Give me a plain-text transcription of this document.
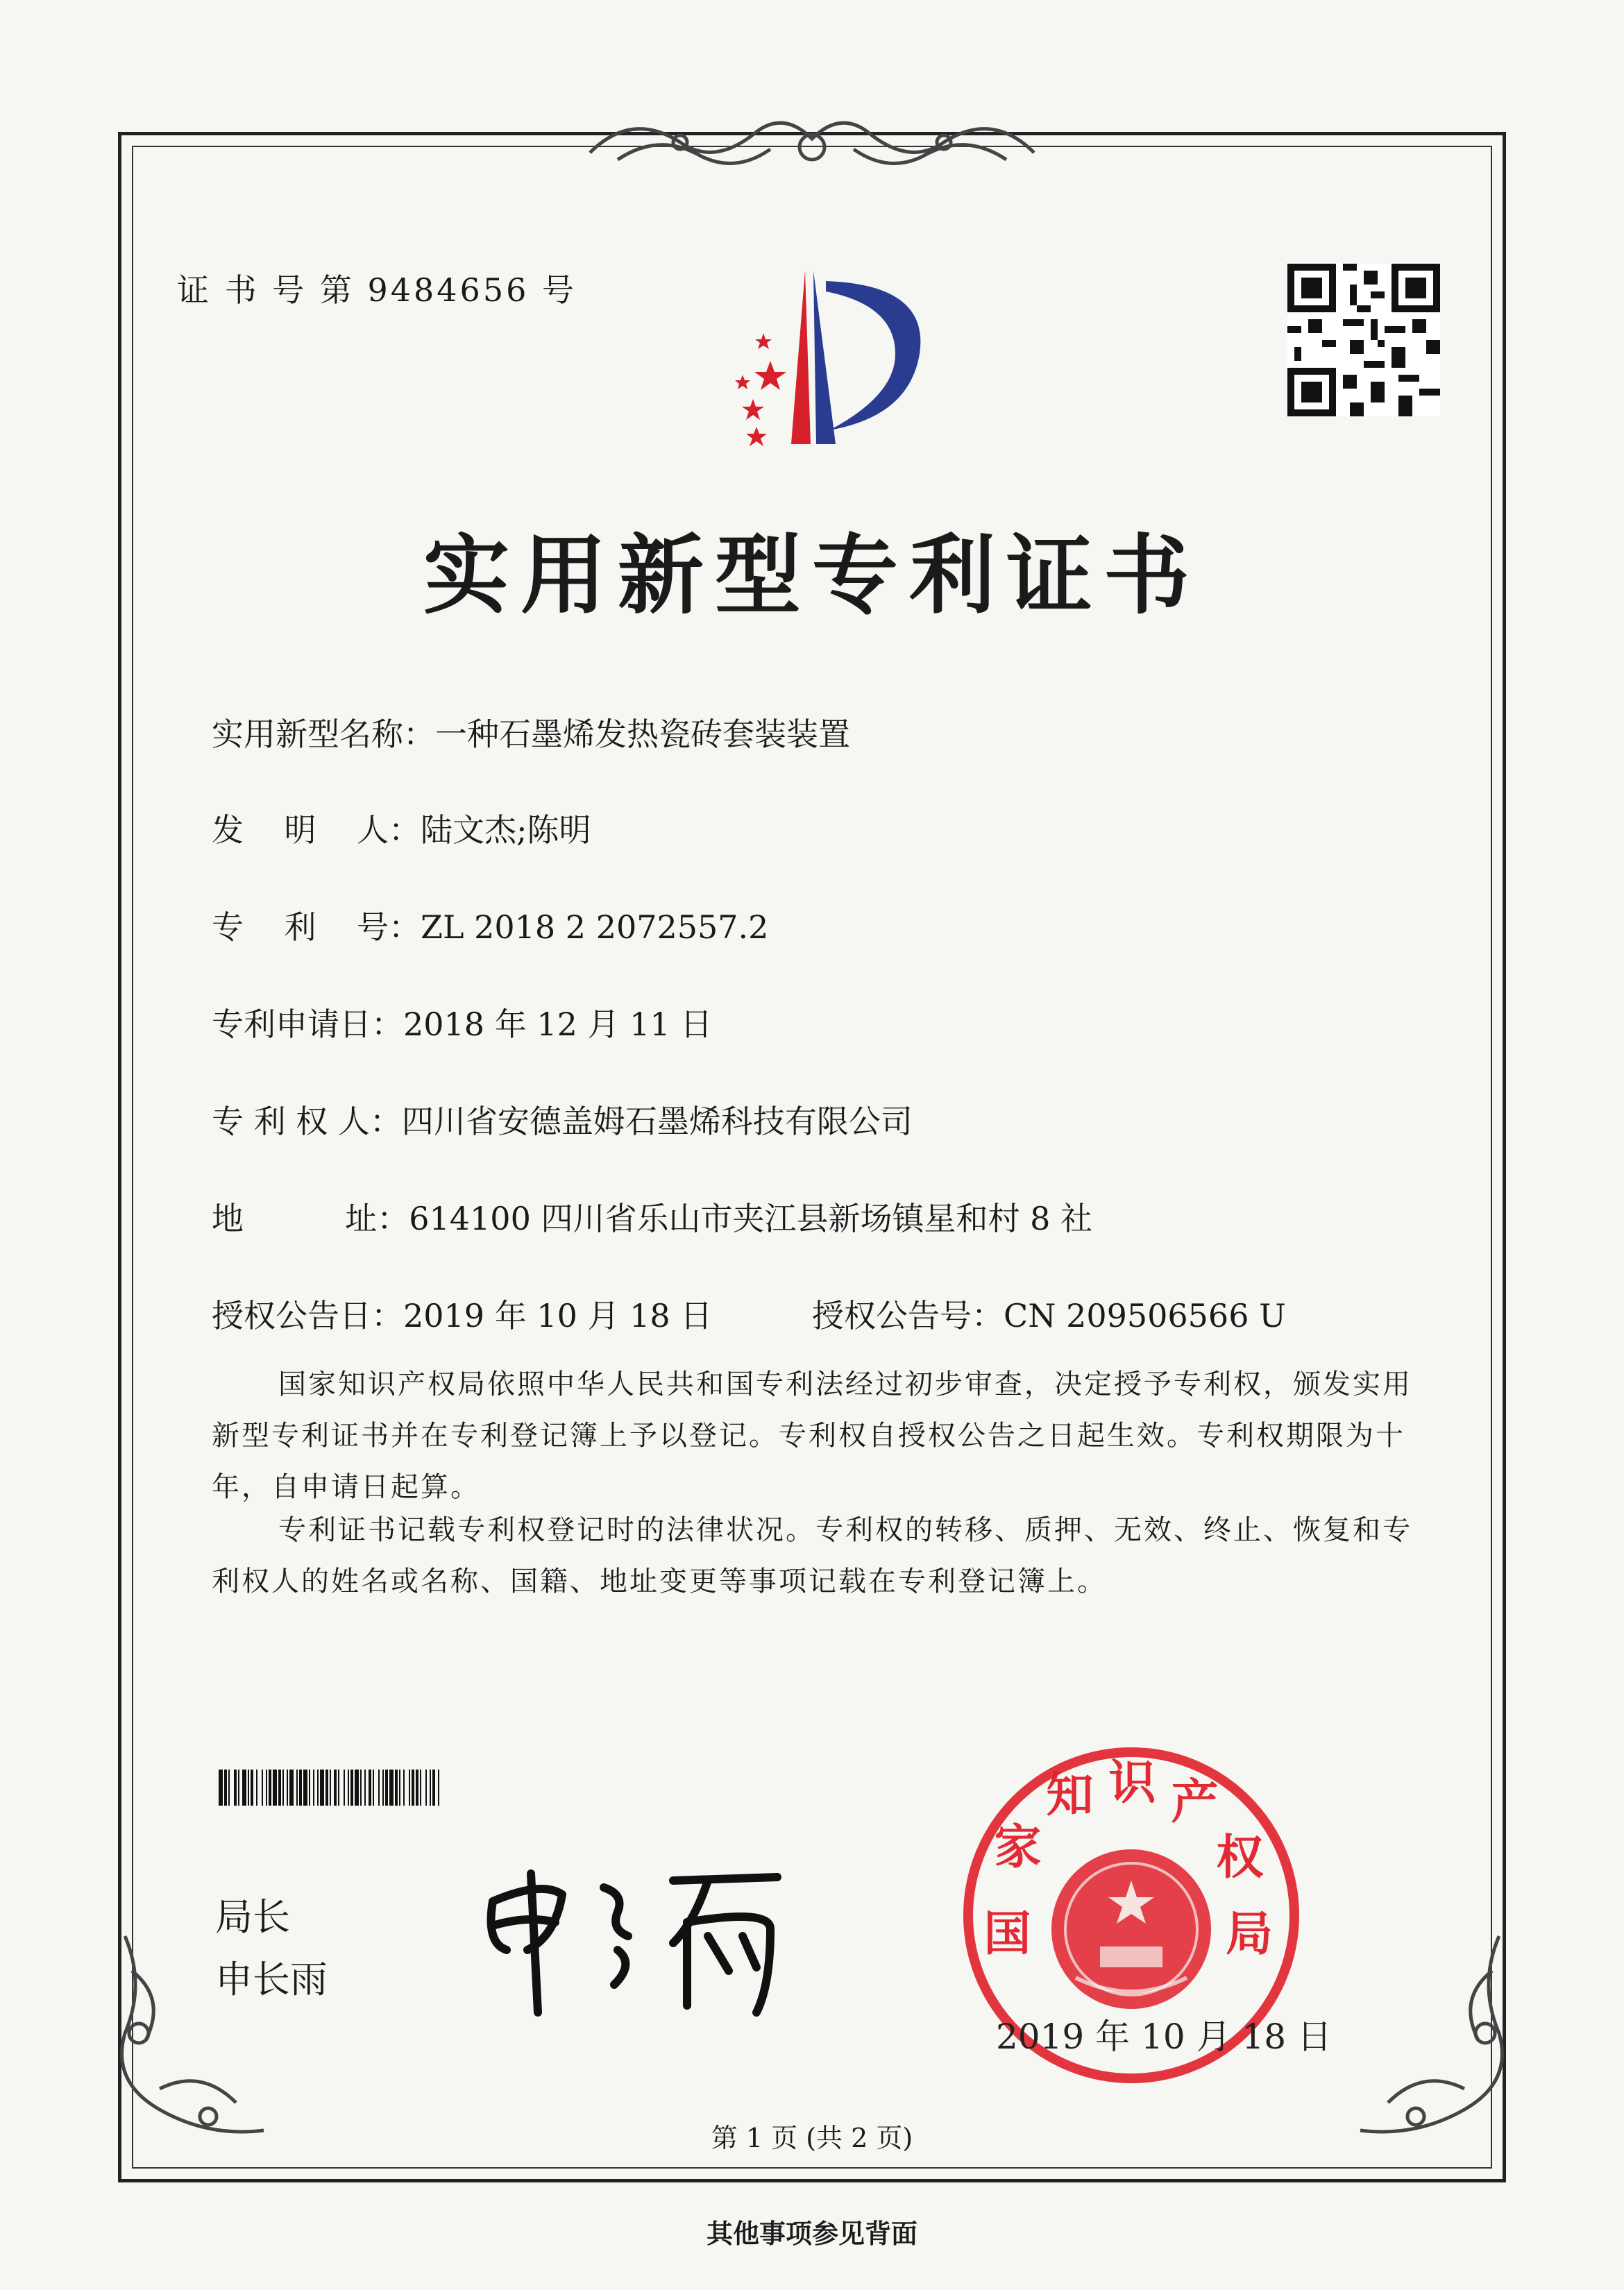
证 书 号 第 9484656 号
实用新型专利证书
实用新型名称：一种石墨烯发热瓷砖套装装置
发    明    人：陆文杰;陈明
专    利    号：ZL 2018 2 2072557.2
专利申请日：2018 年 12 月 11 日
专 利 权 人：四川省安德盖姆石墨烯科技有限公司
地          址：614100 四川省乐山市夹江县新场镇星和村 8 社
授权公告日：2019 年 10 月 18 日	授权公告号：CN 209506566 U
国家知识产权局依照中华人民共和国专利法经过初步审查，决定授予专利权，颁发实用新型专利证书并在专利登记簿上予以登记。专利权自授权公告之日起生效。专利权期限为十年，自申请日起算。
专利证书记载专利权登记时的法律状况。专利权的转移、质押、无效、终止、恢复和专利权人的姓名或名称、国籍、地址变更等事项记载在专利登记簿上。
局长
申长雨
国 家 知 识 产 权 局
2019 年 10 月 18 日
第 1 页 (共 2 页)
其他事项参见背面
